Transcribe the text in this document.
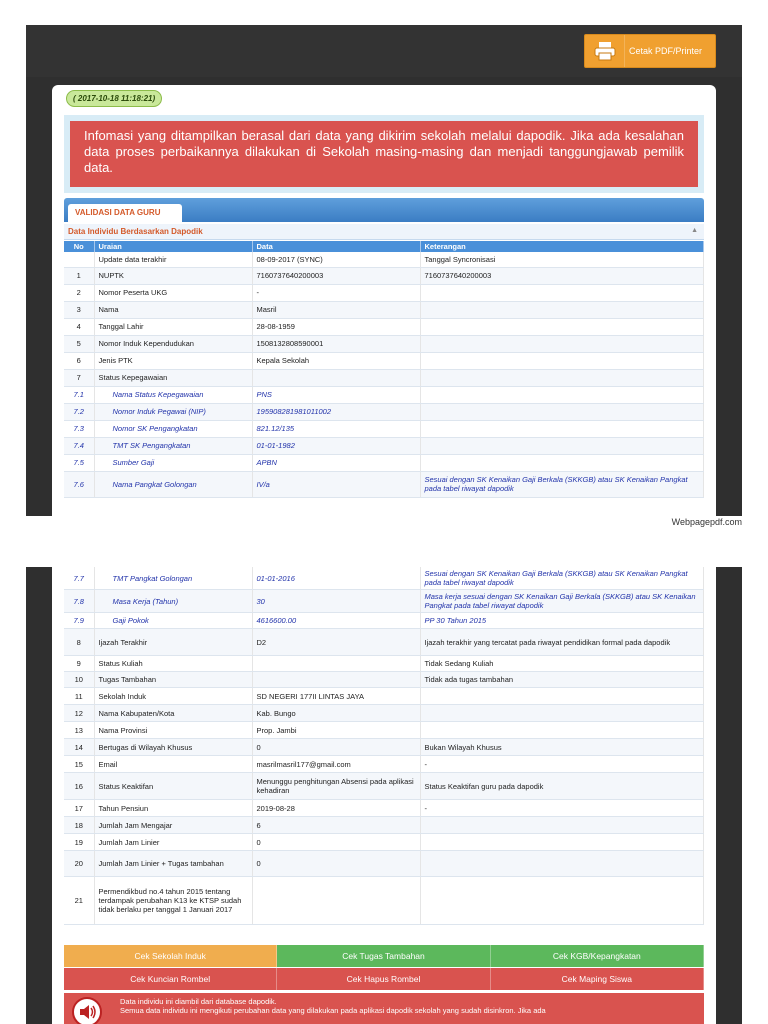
Cetak PDF/Printer
( 2017-10-18 11:18:21)
Infomasi yang ditampilkan berasal dari data yang dikirim sekolah melalui dapodik. Jika ada kesalahan data proses perbaikannya dilakukan di Sekolah masing-masing dan menjadi tanggungjawab pemilik data.
VALIDASI DATA GURU
Data Individu Berdasarkan Dapodik	▲
No	Uraian	Data	Keterangan
	Update data terakhir	08-09-2017 (SYNC)	Tanggal Syncronisasi
1	NUPTK	7160737640200003	7160737640200003
2	Nomor Peserta UKG	-	
3	Nama	Masril	
4	Tanggal Lahir	28-08-1959	
5	Nomor Induk Kependudukan	1508132808590001	
6	Jenis PTK	Kepala Sekolah	
7	Status Kepegawaian		
7.1	Nama Status Kepegawaian	PNS	
7.2	Nomor Induk Pegawai (NIP)	195908281981011002	
7.3	Nomor SK Pengangkatan	821.12/135	
7.4	TMT SK Pengangkatan	01-01-1982	
7.5	Sumber Gaji	APBN	
7.6	Nama Pangkat Golongan	IV/a	Sesuai dengan SK Kenaikan Gaji Berkala (SKKGB) atau SK Kenaikan Pangkat pada tabel riwayat dapodik
Webpagepdf.com
7.7	TMT Pangkat Golongan	01-01-2016	Sesuai dengan SK Kenaikan Gaji Berkala (SKKGB) atau SK Kenaikan Pangkat pada tabel riwayat dapodik
7.8	Masa Kerja (Tahun)	30	Masa kerja sesuai dengan SK Kenaikan Gaji Berkala (SKKGB) atau SK Kenaikan Pangkat pada tabel riwayat dapodik
7.9	Gaji Pokok	4616600.00	PP 30 Tahun 2015
8	Ijazah Terakhir	D2	Ijazah terakhir yang tercatat pada riwayat pendidikan formal pada dapodik
9	Status Kuliah		Tidak Sedang Kuliah
10	Tugas Tambahan		Tidak ada tugas tambahan
11	Sekolah Induk	SD NEGERI 177II LINTAS JAYA	
12	Nama Kabupaten/Kota	Kab. Bungo	
13	Nama Provinsi	Prop. Jambi	
14	Bertugas di Wilayah Khusus	0	Bukan Wilayah Khusus
15	Email	masrilmasril177@gmail.com	-
16	Status Keaktifan	Menunggu penghitungan Absensi pada aplikasi kehadiran	Status Keaktifan guru pada dapodik
17	Tahun Pensiun	2019-08-28	-
18	Jumlah Jam Mengajar	6	
19	Jumlah Jam Linier	0	
20	Jumlah Jam Linier + Tugas tambahan	0	
21	Permendikbud no.4 tahun 2015 tentang terdampak perubahan K13 ke KTSP sudah tidak berlaku per tanggal 1 Januari 2017		
Cek Sekolah Induk	Cek Tugas Tambahan	Cek KGB/Kepangkatan
Cek Kuncian Rombel	Cek Hapus Rombel	Cek Maping Siswa
Data individu ini diambil dari database dapodik.
Semua data individu ini mengikuti perubahan data yang dilakukan pada aplikasi dapodik sekolah yang sudah disinkron. Jika ada
